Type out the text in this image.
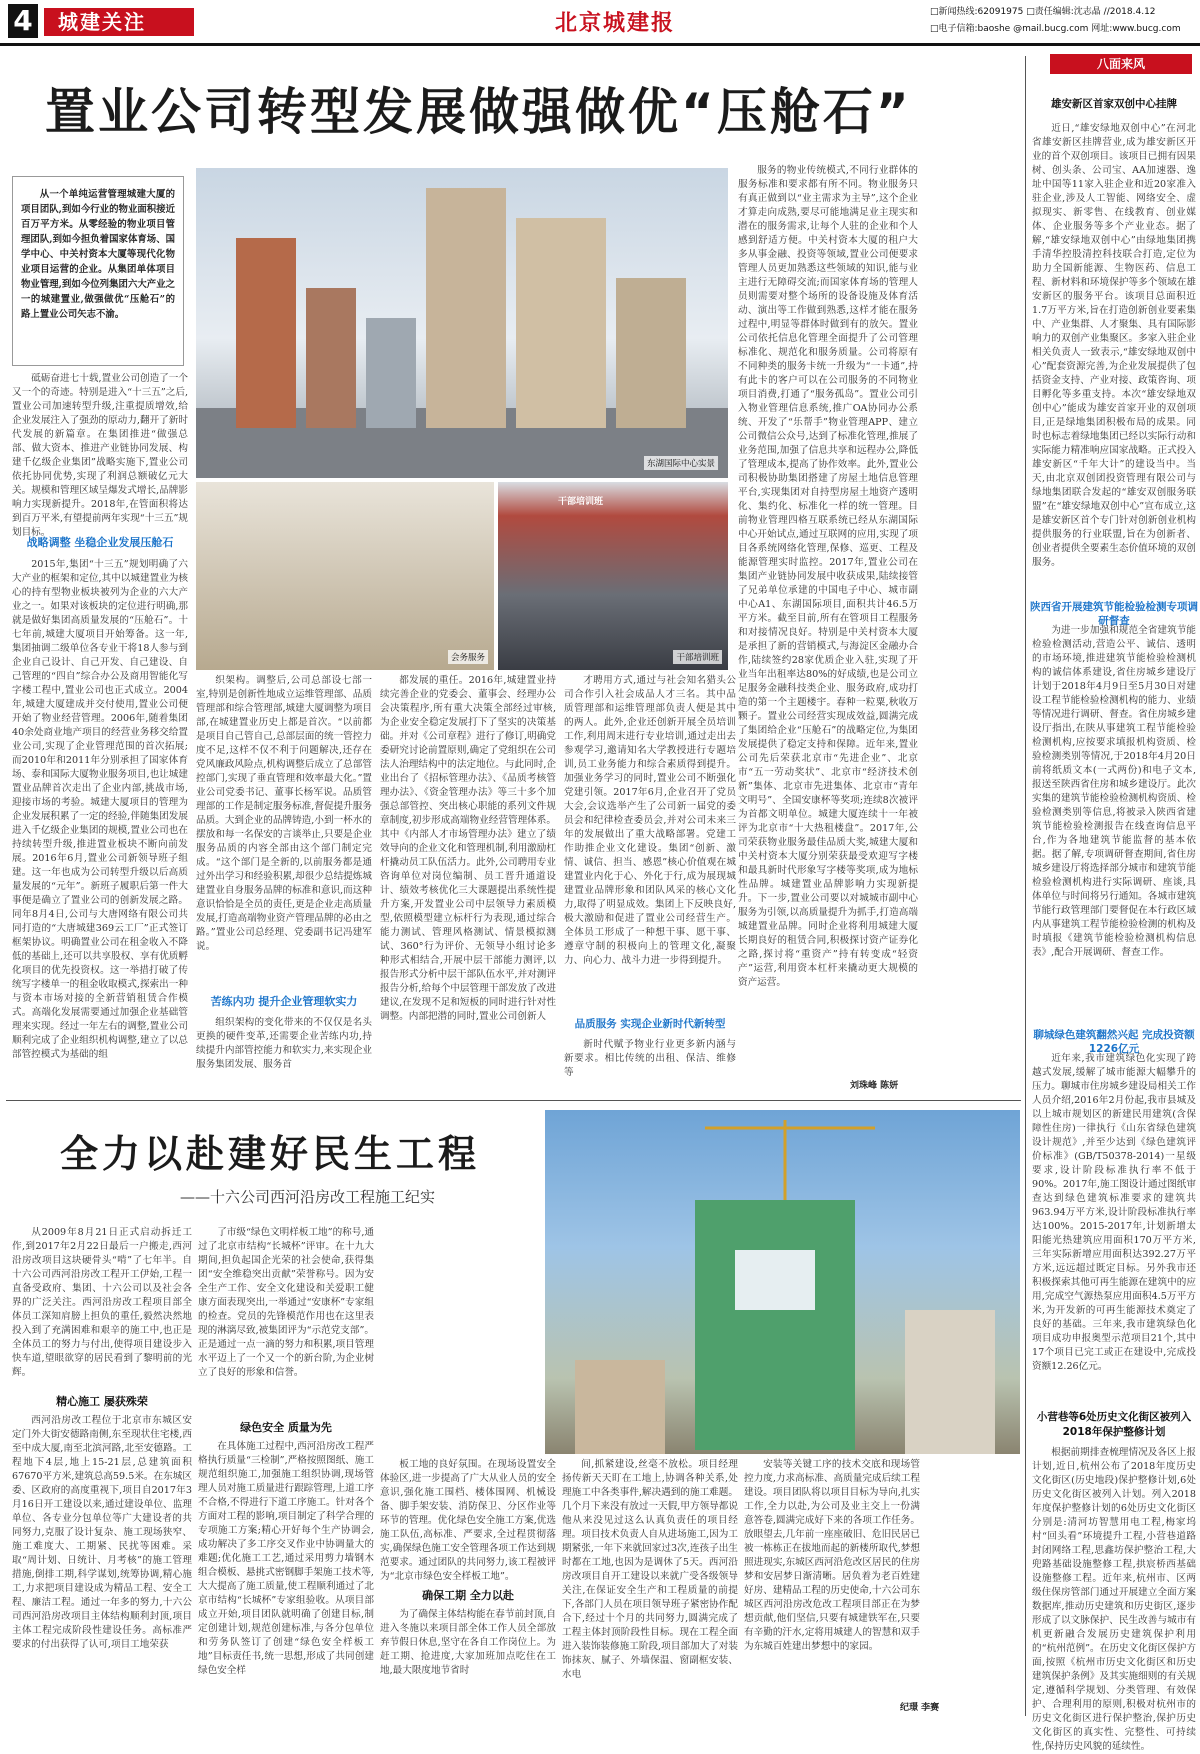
4	城建关注	北京城建报	□新闻热线:62091975 □责任编辑:沈志晶 //2018.4.12
□电子信箱:baoshe @mail.bucg.com 网址:www.bucg.com
置业公司转型发展做强做优“压舱石”
从一个单纯运营管理城建大厦的项目团队,到如今行业的物业面积接近百万平方米。从零经验的物业项目管理团队,到如今担负着国家体育场、国学中心、中关村资本大厦等现代化物业项目运营的企业。从集团单体项目物业管理,到如今位列集团六大产业之一的城建置业,做强做优“压舱石”的路上置业公司矢志不渝。
砥砺奋进七十载,置业公司创造了一个又一个的奇迹。特别是进入“十三五”之后,置业公司加速转型升级,注重提质增效,给企业发展注入了强劲的原动力,翻开了新时代发展的新篇章。在集团推进“做强总部、做大资本、推进产业链协同发展、构建千亿级企业集团”战略实施下,置业公司依托协同优势,实现了利润总额破亿元大关。规模和管理区域呈爆发式增长,品牌影响力实现新提升。2018年,在管面积将达到百万平米,有望提前两年实现“十三五”规划目标。
战略调整 坐稳企业发展压舱石
2015年,集团“十三五”规划明确了六大产业的框架和定位,其中以城建置业为核心的持有型物业板块被列为企业的六大产业之一。如果对该板块的定位进行明确,那就是做好集团高质量发展的“压舱石”。十七年前,城建大厦项目开始筹备。这一年,集团抽调二级单位各专业干将18人参与到企业自己设计、自己开发、自己建设、自己管理的“四自”综合办公及商用智能化写字楼工程中,置业公司也正式成立。2004年,城建大厦建成并交付使用,置业公司便开始了物业经营管理。2006年,随着集团40余处商业地产项目的经营业务移交给置业公司,实现了企业管理范围的首次拓展;而2010年和2011年分别承担了国家体育场、泰和国际大厦物业服务项目,也让城建置业品牌首次走出了企业内部,挑战市场,迎接市场的考验。城建大厦项目的管理为企业发展积累了一定的经验,伴随集团发展进入千亿级企业集团的规模,置业公司也在持续转型升级,推进置业板块不断向前发展。2016年6月,置业公司新领导班子组建。这一年也成为公司转型升级以后高质量发展的“元年”。新班子履职后第一件大事便是确立了置业公司的创新发展之路。同年8月4日,公司与大唐网络有限公司共同打造的“大唐城建369云工厂”正式签订框架协议。明确置业公司在租金收入不降低的基础上,还可以共享股权、享有优质孵化项目的优先投资权。这一举措打破了传统写字楼单一的租金收取模式,探索出一种与资本市场对接的全新营销租赁合作模式。高端化发展需要通过加强企业基础管理来实现。经过一年左右的调整,置业公司顺利完成了企业组织机构调整,建立了以总部管控模式为基础的组
东湖国际中心实景
会务服务
干部培训班
干部培训班
织架构。调整后,公司总部设七部一室,特别是创新性地成立运维管理部、品质管理部和综合管理部,城建大厦调整为项目部,在城建置业历史上都是首次。“以前都是项目自己管自己,总部层面的统一管控力度不足,这样不仅不利于问题解决,还存在党风廉政风险点,机构调整后成立了总部管控部门,实现了垂直管理和效率最大化。”置业公司党委书记、董事长杨军说。品质管理部的工作是制定服务标准,督促提升服务品质。大到企业的品牌铸造,小到一杯水的摆放和每一名保安的言谈举止,只要是企业服务品质的内容全部由这个部门制定完成。“这个部门是全新的,以前服务都是通过外出学习和经验积累,却很少总结提炼城建置业自身服务品牌的标准和意识,而这种意识恰恰是全员的责任,更是企业走高质量发展,打造高端物业资产管理品牌的必由之路。”置业公司总经理、党委副书记冯建军说。
苦练内功 提升企业管理软实力
组织架构的变化带来的不仅仅是名头更换的硬件变革,还需要企业苦练内功,持续提升内部管控能力和软实力,来实现企业服务集团发展、服务首
都发展的重任。2016年,城建置业持续完善企业的党委会、董事会、经理办公会决策程序,所有重大决策全部经过审核,为企业安全稳定发展打下了坚实的决策基础。并对《公司章程》进行了修订,明确党委研究讨论前置原则,确定了党组织在公司法人治理结构中的法定地位。与此同时,企业出台了《招标管理办法》、《品质考核管理办法》、《资金管理办法》等三十多个加强总部管控、突出核心职能的系列文件规章制度,初步形成高端物业经营管理体系。其中《内部人才市场管理办法》建立了绩效导向的企业文化和管理机制,利用激励杠杆撬动员工队伍活力。此外,公司聘用专业咨询单位对岗位编制、员工晋升通道设计、绩效考核优化三大课题提出系统性提升方案,开发置业公司中层领导力素质模型,依照模型建立标杆行为表现,通过综合能力测试、管理风格测试、情景模拟测试、360°行为评价、无领导小组讨论多种形式相结合,开展中层干部能力测评,以报告形式分析中层干部队伍水平,并对测评报告分析,给每个中层管理干部发放了改进建议,在发现不足和短板的同时进行针对性调整。内部把潜的同时,置业公司创新人
才聘用方式,通过与社会知名猎头公司合作引入社会成品人才三名。其中品质管理部和运维管理部负责人便是其中的两人。此外,企业还创新开展全员培训工作,利用周末进行专业培训,通过走出去参观学习,邀请知名大学教授进行专题培训,员工业务能力和综合素质得到提升。加强业务学习的同时,置业公司不断强化党建引领。2017年6月,企业召开了党员大会,会议选举产生了公司新一届党的委员会和纪律检查委员会,并对公司未来三年的发展做出了重大战略部署。党建工作助推企业文化建设。集团“创新、激情、诚信、担当、感恩”核心价值观在城建置业内化于心、外化于行,成为展现城建置业品牌形象和团队风采的核心文化力,取得了明显成效。集团上下反映良好,极大激励和促进了置业公司经营生产。全体员工形成了一种想干事、愿干事、遵章守制的积极向上的管理文化,凝聚力、向心力、战斗力进一步得到提升。
品质服务 实现企业新时代新转型
新时代赋予物业行业更多新内涵与新要求。相比传统的出租、保洁、维修等
服务的物业传统模式,不同行业群体的服务标准和要求都有所不同。物业服务只有真正做到以“业主需求为主导”,这个企业才算走向成熟,要尽可能地满足业主现实和潜在的服务需求,让每个人驻的企业和个人感到舒适方便。中关村资本大厦的租户大多从事金融、投资等领域,置业公司便要求管理人员更加熟悉这些领域的知识,能与业主进行无障碍交流;而国家体育场的管理人员则需要对整个场所的设备设施及体育活动、演出等工作做到熟悉,这样才能在服务过程中,明显等群体时做到有的放矢。置业公司依托信息化管理全面提升了公司管理标准化、规范化和服务质量。公司将原有不同种类的服务卡统一升级为“一卡通”,持有此卡的客户可以在公司服务的不同物业项目消费,打通了“服务孤岛”。置业公司引入物业管理信息系统,推广OA协同办公系统、开发了“乐帮手”物业管理APP、建立公司微信公众号,达到了标准化管理,推展了业务范围,加强了信息共享和远程办公,降低了管理成本,提高了协作效率。此外,置业公司积极协助集团搭建了房屋土地信息管理平台,实现集团对自持型房屋土地资产透明化、集约化、标准化一样的统一管理。目前物业管理四格互联系统已经从东湖国际中心开始试点,通过互联网的应用,实现了项目各系统网络化管理,保修、巡更、工程及能源管理实时监控。2017年,置业公司在集团产业链协同发展中收获成果,陆续接管了兄弟单位承建的中国电子中心、城市副中心A1、东湖国际项目,面积共计46.5万平方米。截至目前,所有在管项目工程服务和对接情况良好。特别是中关村资本大厦是承担了新的营销模式,与海淀区金融办合作,陆续签约28家优质企业入驻,实现了开业当年出租率达80%的好成绩,也是公司立足服务金融科技类企业、服务政府,成功打造的第一个主题楼宇。春种一粒粟,秋收万颗子。置业公司经营实现成效益,圆满完成了集团给企业“压舱石”的战略定位,为集团发展提供了稳定支持和保障。近年来,置业公司先后荣获北京市“先进企业”、北京市“五一劳动奖状”、北京市“经济技术创新”集体、北京市先进集体、北京市“青年文明号”、全国安康杯等奖项;连续8次被评为首都文明单位。城建大厦连续十一年被评为北京市“十大热租楼盘”。2017年,公司荣获物业服务最佳品质大奖,城建大厦和中关村资本大厦分别荣获最受欢迎写字楼和最具新时代形象写字楼等奖项,成为地标性品牌。城建置业品牌影响力实现新提升。下一步,置业公司要以对城城市副中心服务为引领,以高质量提升为抓手,打造高端城建置业品牌。同时企业将利用城建大厦长期良好的租赁合同,积极探讨资产证券化之路,探讨将“重资产”持有转变成“轻资产”运营,利用资本杠杆来撬动更大规模的资产运营。
刘珠峰 陈妍
全力以赴建好民生工程
——十六公司西河沿房改工程施工纪实
从2009年8月21日正式启动拆迁工作,到2017年2月22日最后一户搬走,西河沿房改项目这块硬骨头“啃”了七年半。自十六公司西河沿房改工程开工伊始,工程一直备受政府、集团、十六公司以及社会各界的广泛关注。西河沿房改工程项目部全体员工深知肩膀上担负的重任,毅然决然地投入到了充满困难和艰辛的施工中,也正是全体员工的努力与付出,使得项目建设步入快车道,望眼欲穿的居民看到了黎明前的光辉。
精心施工 屡获殊荣
西河沿房改工程位于北京市东城区安定门外大街安德路南侧,东至现状住宅楼,西至中成大厦,南至北滨河路,北至安德路。工程地下4层,地上15-21层,总建筑面积67670平方米,建筑总高59.5米。在东城区委、区政府的高度重视下,项目自2017年3月16日开工建设以来,通过建设单位、监理单位、各专业分包单位等广大建设者的共同努力,克服了设计复杂、施工现场狭窄、施工难度大、工期紧、民扰等困难。采取“周计划、日统计、月考核”的施工管理措施,倒排工期,科学谋划,统筹协调,精心施工,力求把项目建设成为精品工程、安全工程、廉洁工程。通过一年多的努力,十六公司西河沿房改项目主体结构顺利封顶,项目主体工程完成阶段性建设任务。高标准严要求的付出获得了认可,项目工地荣获
了市级“绿色文明样板工地”的称号,通过了北京市结构“长城杯”评审。在十九大期间,担负起国企光荣的社会使命,获得集团“安全维稳突出贡献”荣誉称号。因为安全生产工作、安全文化建设和关爱职工健康方面表现突出,一举通过“安康杯”专家组的检查。党员的先锋模范作用也在这里表现的淋漓尽致,被集团评为“示范党支部”。正是通过一点一滴的努力和积累,项目管理水平迈上了一个又一个的新台阶,为企业树立了良好的形象和信誉。
绿色安全 质量为先
在具体施工过程中,西河沿房改工程严格执行质量“三检制”,严格按照图纸、施工规范组织施工,加强施工组织协调,现场管理人员对施工质量进行跟踪管理,上道工序不合格,不得进行下道工序施工。针对各个方面对工程的影响,项目制定了科学合理的专项施工方案;精心开好每个生产协调会,成功解决了多工序交叉作业中协调量大的难题;优化施工工艺,通过采用剪力墙钢木组合模板、悬挑式密钢脚手架施工技术等,大大提高了施工质量,使工程顺利通过了北京市结构“长城杯”专家组验收。从项目部成立开始,项目团队就明确了创建目标,制定创建计划,规范创建标准,与各分包单位和劳务队签订了创建“绿色安全样板工地”目标责任书,统一思想,形成了共同创建绿色安全样
板工地的良好氛围。在现场设置安全体验区,进一步提高了广大从业人员的安全意识,强化施工围档、楼体围网、机械设备、脚手架安装、消防保卫、分区作业等环节的管理。优化绿色安全施工方案,优选施工队伍,高标准、严要求,全过程贯彻落实,确保绿色施工安全管理各项工作达到规范要求。通过团队的共同努力,该工程被评为“北京市绿色安全样板工地”。
确保工期 全力以赴
为了确保主体结构能在春节前封顶,自进入冬施以来项目部全体工作人员全部放弃节假日休息,坚守在各自工作岗位上。为赶工期、抢进度,大家加班加点吃住在工地,最大限度地节省时
间,抓紧建设,丝毫不放松。项目经理扬传新天天盯在工地上,协调各种关系,处理施工中各类事件,解决遇到的施工难题。几个月下来没有放过一天假,甲方领导都说他从来没见过这么认真负责任的项目经理。项目技术负责人自从进场施工,因为工期紧张,一年下来就回家过3次,连孩子出生时都在工地,也因为是调休了5天。西河沿房改项目自开工建设以来就广受各级领导关注,在保证安全生产和工程质量的前提下,各部门人员在项目领导班子紧密协作配合下,经过十个月的共同努力,圆满完成了工程主体封顶阶段性目标。现在工程全面进入装饰装修施工阶段,项目部加大了对装饰抹灰、腻子、外墙保温、窗副框安装、水电
安装等关键工序的技术交底和现场管控力度,力求高标准、高质量完成后续工程建设。项目团队将以项目目标为导向,扎实工作,全力以赴,为公司及业主交上一份满意答卷,圆满完成好下来的各项工作任务。放眼望去,几年前一座座破旧、危旧民居已被一栋栋正在拔地而起的新楼所取代,梦想照进现实,东城区西河沿危改区居民的住房梦和安居梦日渐清晰。居负着为老百姓建好房、建精品工程的历史使命,十六公司东城区西河沿房改危改工程项目部正在为梦想贡献,他们坚信,只要有城建铁军在,只要有辛勤的汗水,定将用城建人的智慧和双手为东城百姓建出梦想中的家园。
纪璟 李赛
八面来风
雄安新区首家双创中心挂牌
近日,“雄安绿地双创中心”在河北省雄安新区挂牌营业,成为雄安新区开业的首个双创项目。该项目已拥有因果树、创头条、公司宝、AA加速器、逸址中国等11家入驻企业和近20家准入驻企业,涉及人工智能、网络安全、虚拟现实、新零售、在线教育、创业媒体、企业服务等多个产业业态。据了解,“雄安绿地双创中心”由绿地集团携手清华控股清控科技联合打造,定位为助力全国新能源、生物医药、信息工程、新材料和环境保护等多个领域在雄安新区的服务平台。该项目总面积近1.7万平方米,旨在打造创新创业要素集中、产业集群、人才聚集、具有国际影响力的双创产业集聚区。多家入驻企业相关负责人一致表示,“雄安绿地双创中心”配套资源完善,为企业发展提供了包括资金支持、产业对接、政策咨询、项目孵化等多重支持。本次“雄安绿地双创中心”能成为雄安首家开业的双创项目,正是绿地集团积极布局的成果。同时也标志着绿地集团已经以实际行动和实际能力精准响应国家战略。正式投入雄安新区“千年大计”的建设当中。当天,由北京双创团投资管理有限公司与绿地集团联合发起的“雄安双创服务联盟”在“雄安绿地双创中心”宣布成立,这是雄安新区首个专门针对创新创业机构提供服务的行业联盟,旨在为创新者、创业者提供全要素生态价值环境的双创服务。
陕西省开展建筑节能检验检测专项调研督查
为进一步加强和规范全省建筑节能检验检测活动,营造公平、诚信、透明的市场环境,推进建筑节能检验检测机构的诚信体系建设,省住房城乡建设厅计划于2018年4月9日至5月30日对建设工程节能检验检测机构的能力、业绩等情况进行调研、督查。省住房城乡建设厅指出,在陕从事建筑工程节能检验检测机构,应按要求填报机构资质、检验检测类别等情况,于2018年4月20日前将纸质文本(一式两份)和电子文本,报送至陕西省住房和城乡建设厅。此次实集的建筑节能检验检测机构资质、检验检测类别等信息,将被录入陕西省建筑节能检验检测报告在线查询信息平台,作为各地建筑节能监督的基本依据。据了解,专项调研督查期间,省住房城乡建设厅将选择部分城市和建筑节能检验检测机构进行实际调研、座谈,具体单位与时间将另行通知。各城市建筑节能行政管理部门要督促在本行政区域内从事建筑工程节能检验检测的机构及时填报《建筑节能检验检测机构信息表》,配合开展调研、督查工作。
聊城绿色建筑翻然兴起 完成投资额1226亿元
近年来,我市建筑绿色化实现了跨越式发展,缓解了城市能源大幅攀升的压力。聊城市住房城乡建设局相关工作人员介绍,2016年2月份起,我市县城及以上城市规划区的新建民用建筑(含保障性住房)一律执行《山东省绿色建筑设计规范》,并至少达到《绿色建筑评价标准》(GB/T50378-2014)一星级要求,设计阶段标准执行率不低于90%。2017年,施工图设计通过图纸审查达到绿色建筑标准要求的建筑共963.94万平方米,设计阶段标准执行率达100%。2015-2017年,计划新增太阳能光热建筑应用面积170万平方米,三年实际新增应用面积达392.27万平方米,远远超过既定目标。另外我市还积极探索其他可再生能源在建筑中的应用,完成空气源热泵应用面积4.5万平方米,为开发新的可再生能源技术奠定了良好的基础。三年来,我市建筑绿色化项目成功申报奥型示范项目21个,其中17个项目已完工或正在建设中,完成投资额12.26亿元。
小营巷等6处历史文化街区被列入2018年保护整修计划
根据前期排查梳理情况及各区上报计划,近日,杭州公布了2018年度历史文化街区(历史地段)保护整修计划,6处历史文化街区被列入计划。列入2018年度保护整修计划的6处历史文化街区分别是:清河坊智慧用电工程,梅家坞村“回头看”环境提升工程,小营巷道路封闭网络工程,思鑫坊保护整治工程,大兜路基础设施整修工程,拱宸桥西基础设施整修工程。近年来,杭州市、区两级住保房管部门通过开展建立全面方案数据库,推动历史建筑和历史街区,逐步形成了以文脉保护、民生改善与城市有机更新融合发展历史建筑保护利用的“杭州范例”。在历史文化街区保护方面,按照《杭州市历史文化街区和历史建筑保护条例》及其实施细则的有关规定,遵循科学规划、分类管理、有效保护、合理利用的原则,积极对杭州市的历史文化街区进行保护整治,保护历史文化街区的真实性、完整性、可持续性,保持历史风貌的延续性。
